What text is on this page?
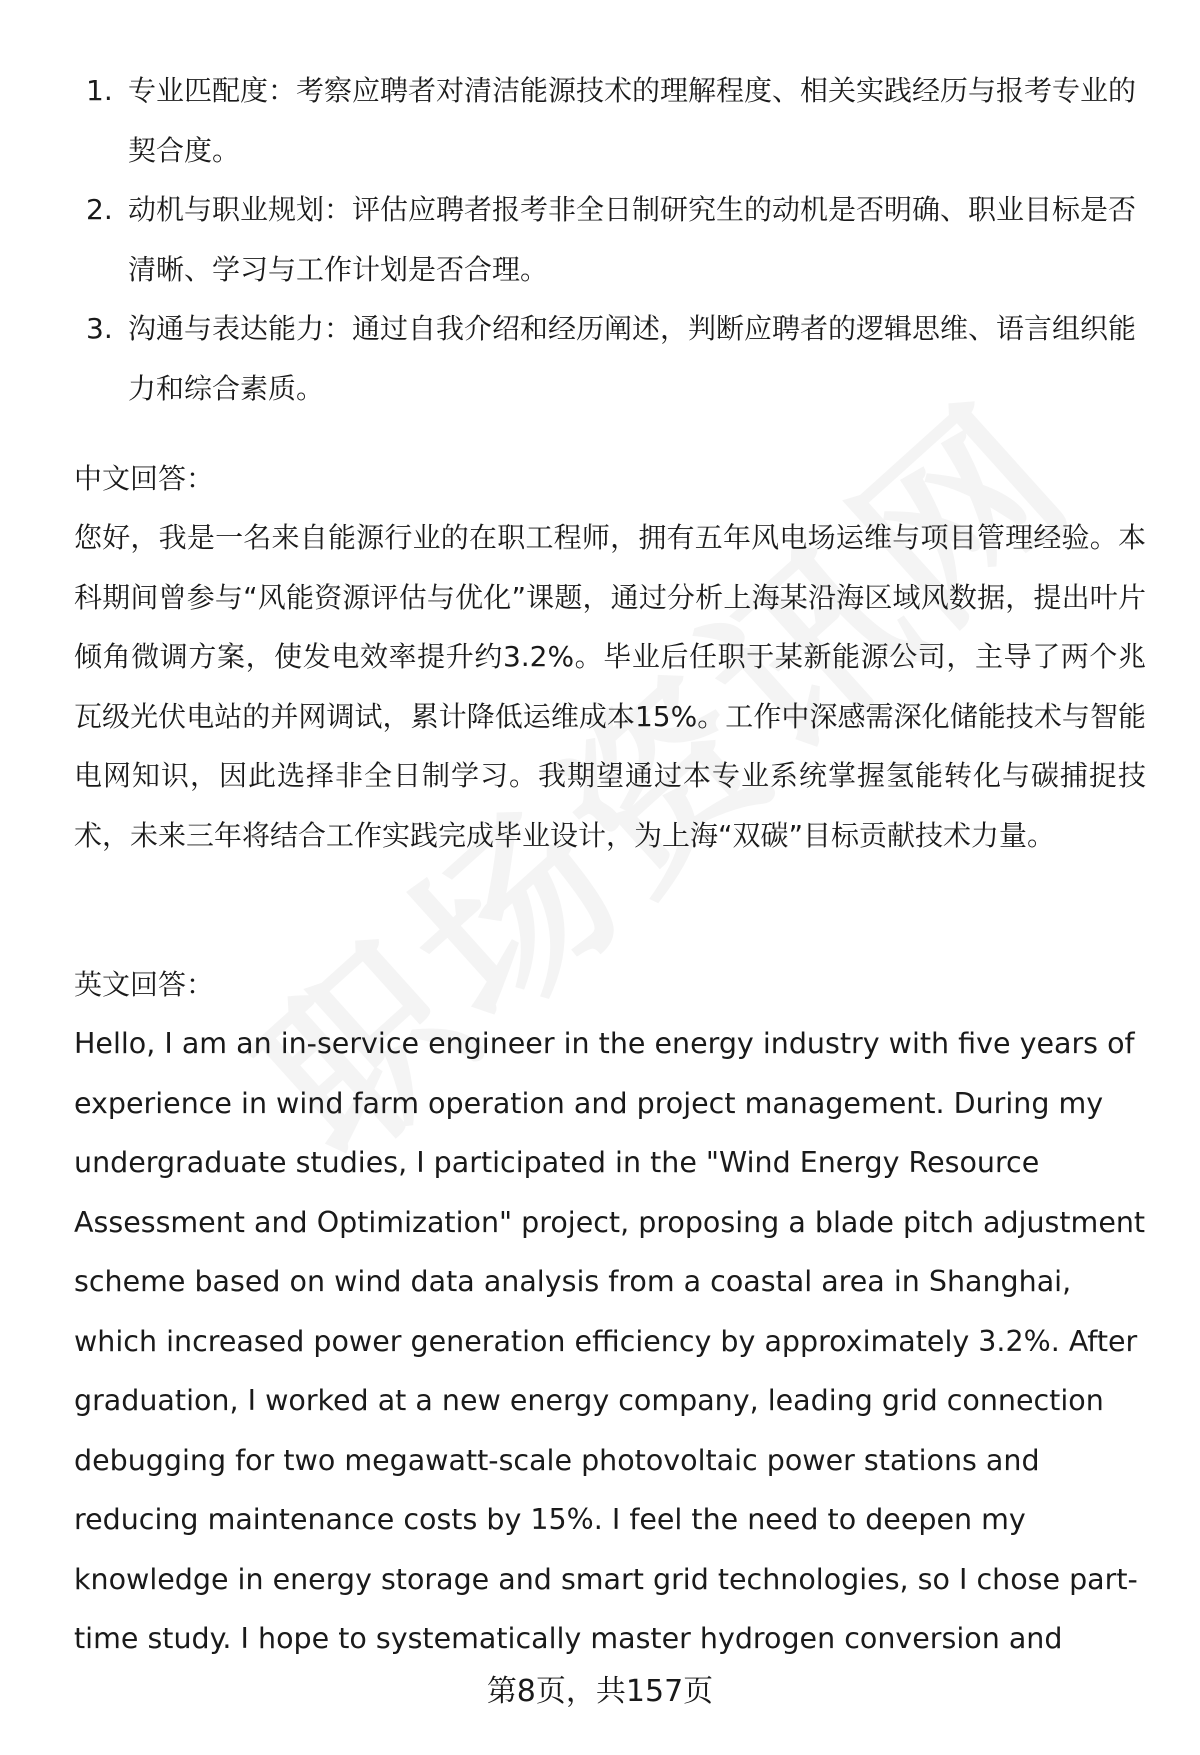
1. 专业匹配度：考察应聘者对清洁能源技术的理解程度、相关实践经历与报考专业的契合度。
2. 动机与职业规划：评估应聘者报考非全日制研究生的动机是否明确、职业目标是否清晰、学习与工作计划是否合理。
3. 沟通与表达能力：通过自我介绍和经历阐述，判断应聘者的逻辑思维、语言组织能力和综合素质。
中文回答：

您好，我是一名来自能源行业的在职工程师，拥有五年风电场运维与项目管理经验。本科期间曾参与“风能资源评估与优化”课题，通过分析上海某沿海区域风数据，提出叶片倾角微调方案，使发电效率提升约3.2%。毕业后任职于某新能源公司，主导了两个兆瓦级光伏电站的并网调试，累计降低运维成本15%。工作中深感需深化储能技术与智能电网知识，因此选择非全日制学习。我期望通过本专业系统掌握氢能转化与碳捕捉技术，未来三年将结合工作实践完成毕业设计，为上海“双碳”目标贡献技术力量。

英文回答：

Hello, I am an in-service engineer in the energy industry with five years of experience in wind farm operation and project management. During my undergraduate studies, I participated in the "Wind Energy Resource Assessment and Optimization" project, proposing a blade pitch adjustment scheme based on wind data analysis from a coastal area in Shanghai, which increased power generation efficiency by approximately 3.2%. After graduation, I worked at a new energy company, leading grid connection debugging for two megawatt-scale photovoltaic power stations and reducing maintenance costs by 15%. I feel the need to deepen my knowledge in energy storage and smart grid technologies, so I chose part-time study. I hope to systematically master hydrogen conversion and

第8页，共157页
